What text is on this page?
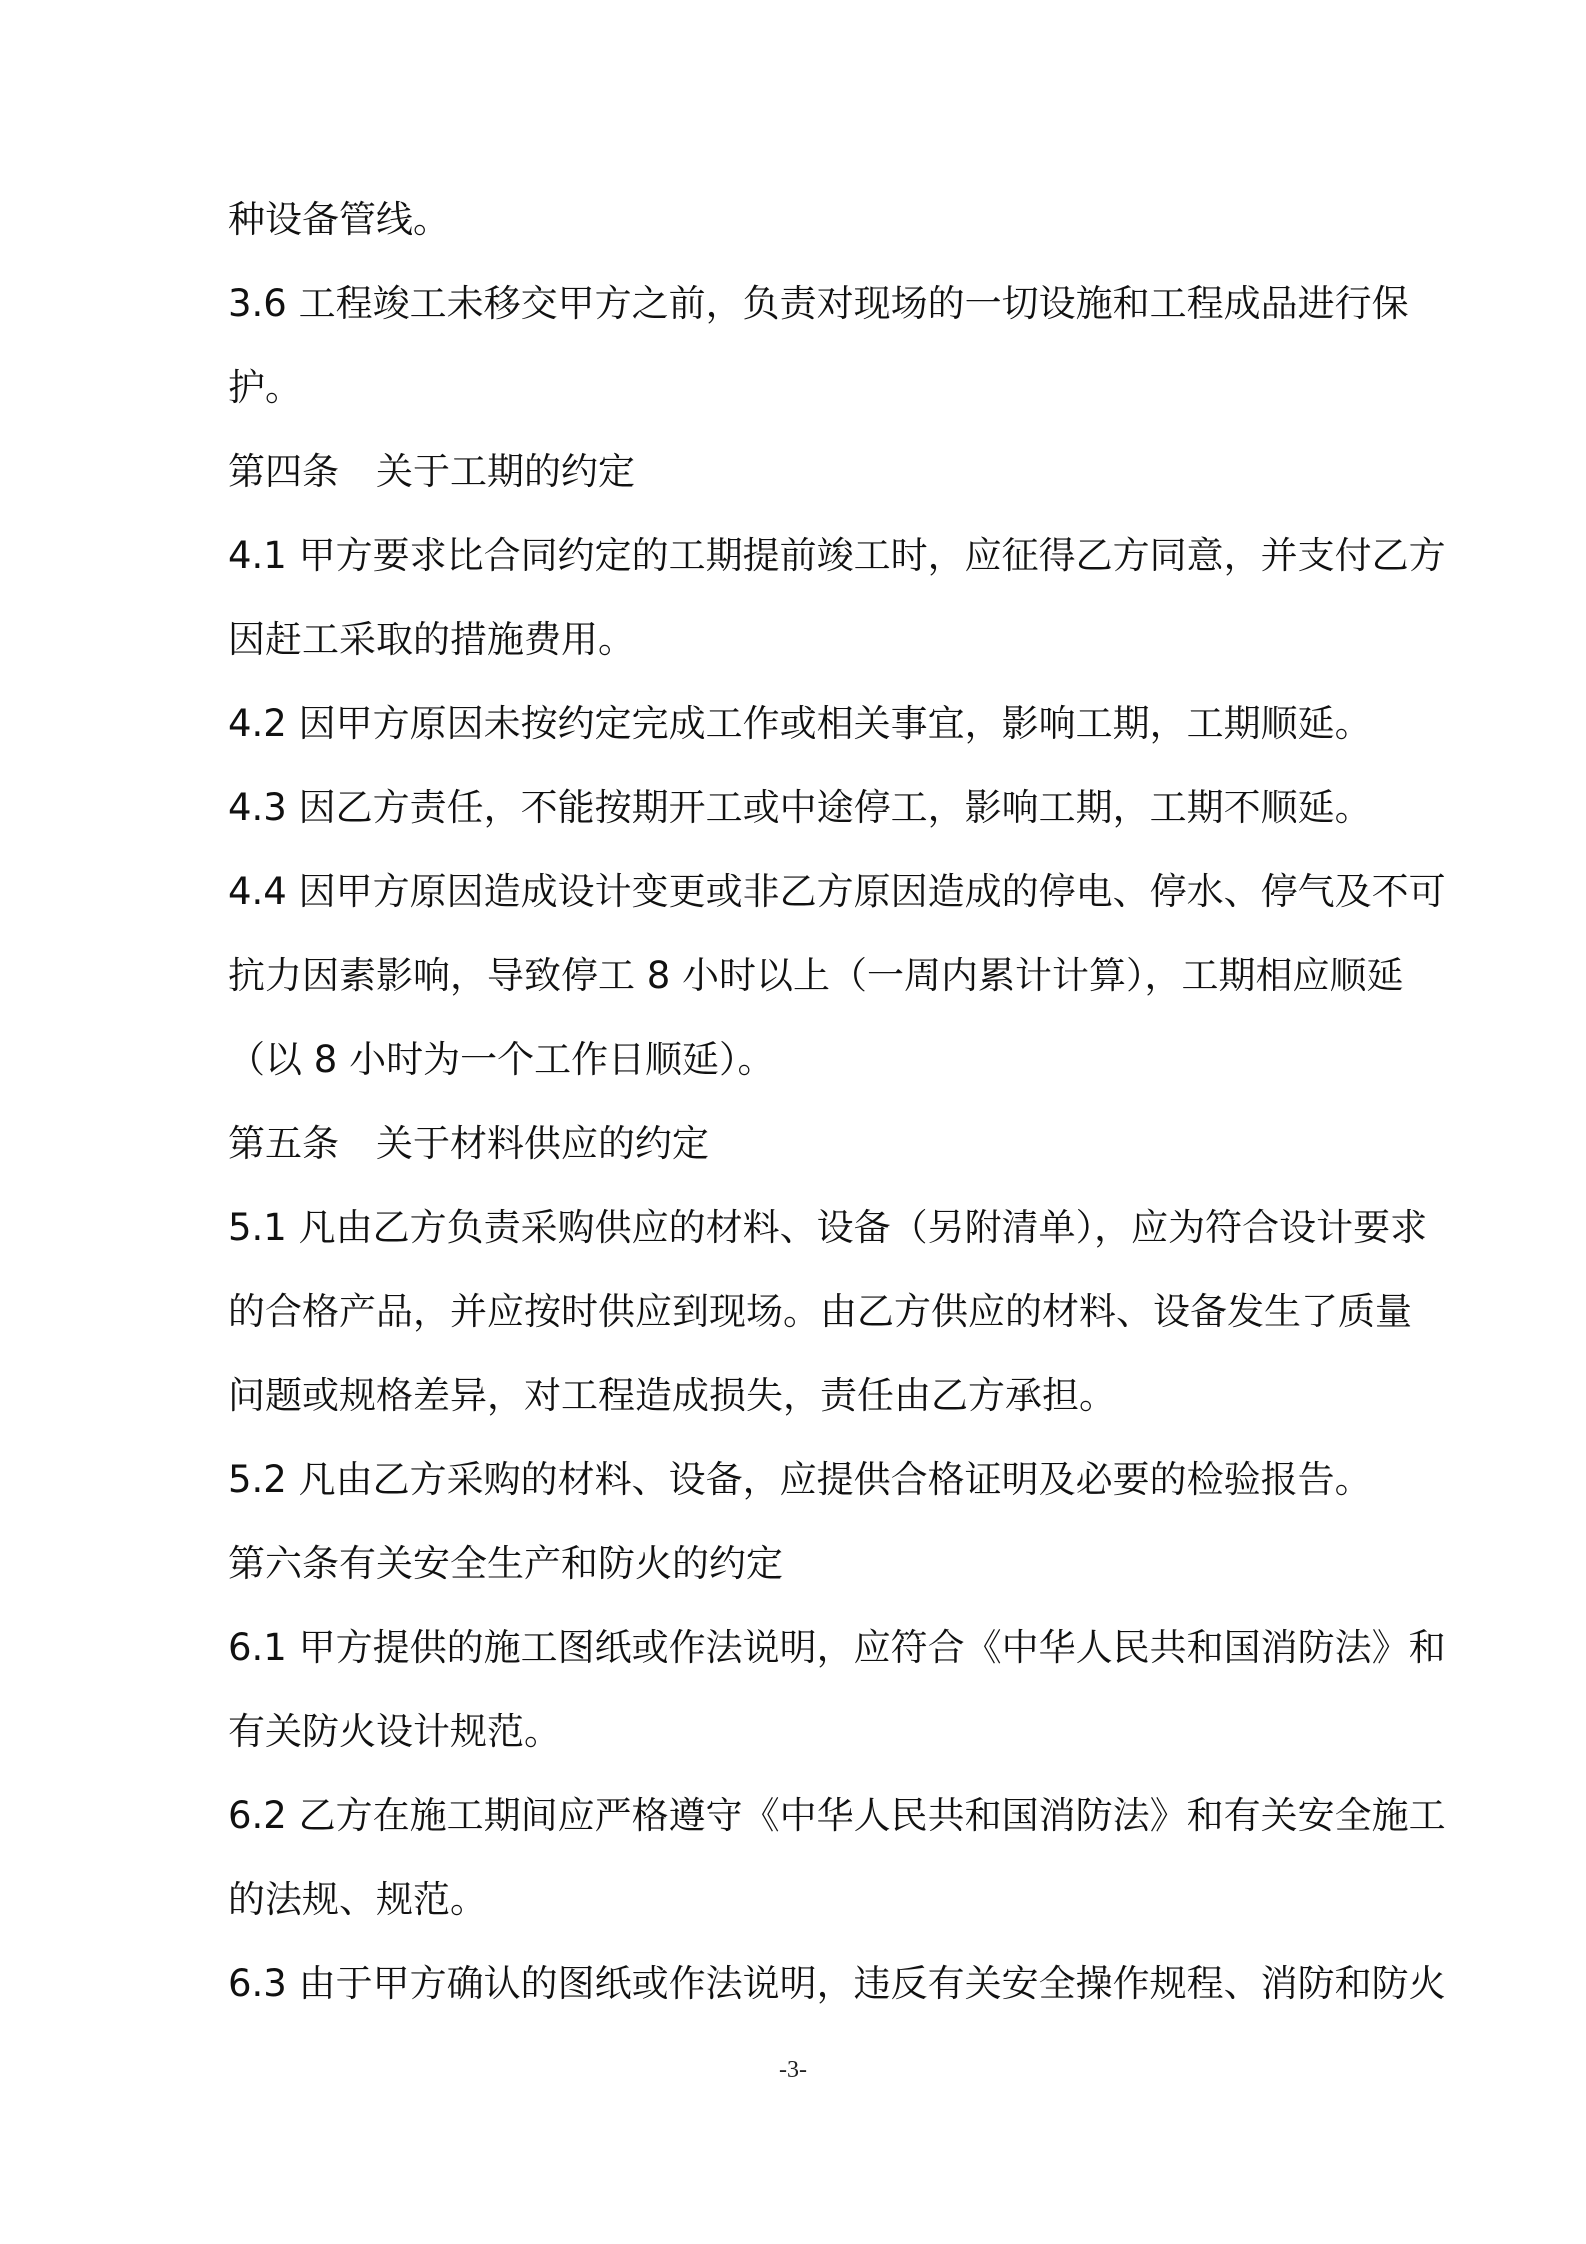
种设备管线。
3.6 工程竣工未移交甲方之前，负责对现场的一切设施和工程成品进行保
护。
第四条　关于工期的约定
4.1 甲方要求比合同约定的工期提前竣工时，应征得乙方同意，并支付乙方
因赶工采取的措施费用。
4.2 因甲方原因未按约定完成工作或相关事宜，影响工期，工期顺延。
4.3 因乙方责任，不能按期开工或中途停工，影响工期，工期不顺延。
4.4 因甲方原因造成设计变更或非乙方原因造成的停电、停水、停气及不可
抗力因素影响，导致停工 8 小时以上（一周内累计计算），工期相应顺延
（以 8 小时为一个工作日顺延）。
第五条　关于材料供应的约定
5.1 凡由乙方负责采购供应的材料、设备（另附清单），应为符合设计要求
的合格产品，并应按时供应到现场。由乙方供应的材料、设备发生了质量
问题或规格差异，对工程造成损失，责任由乙方承担。
5.2 凡由乙方采购的材料、设备，应提供合格证明及必要的检验报告。
第六条有关安全生产和防火的约定
6.1 甲方提供的施工图纸或作法说明，应符合《中华人民共和国消防法》和
有关防火设计规范。
6.2 乙方在施工期间应严格遵守《中华人民共和国消防法》和有关安全施工
的法规、规范。
6.3 由于甲方确认的图纸或作法说明，违反有关安全操作规程、消防和防火
-3-
